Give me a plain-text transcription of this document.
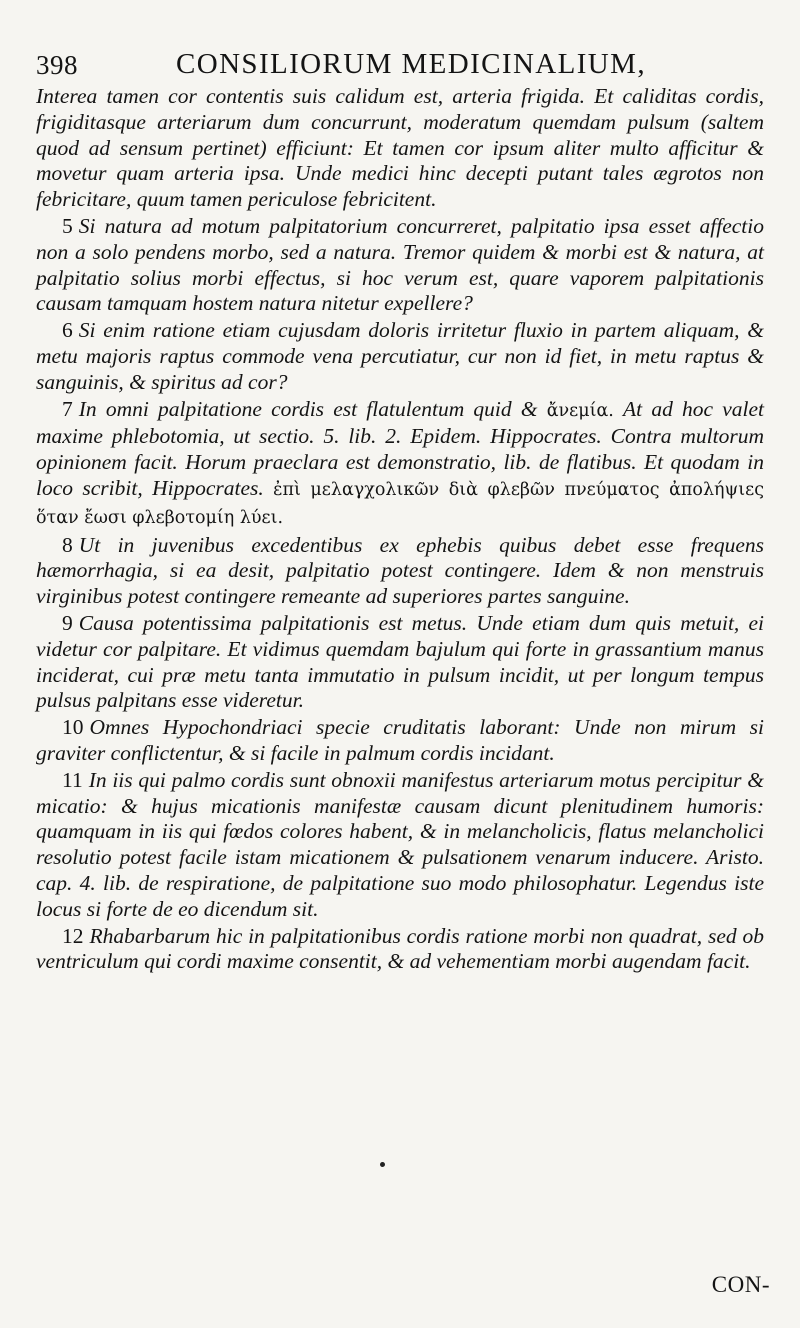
398	CONSILIORUM MEDICINALIUM,

Interea tamen cor contentis suis calidum est, arteria frigida. Et caliditas cordis, frigiditasque arteriarum dum concurrunt, moderatum quemdam pulsum (saltem quod ad sensum pertinet) efficiunt: Et tamen cor ipsum aliter multo afficitur & movetur quam arteria ipsa. Unde medici hinc decepti putant tales ægrotos non febricitare, quum tamen periculose febricitent.

5 Si natura ad motum palpitatorium concurreret, palpitatio ipsa esset affectio non a solo pendens morbo, sed a natura. Tremor quidem & morbi est & natura, at palpitatio solius morbi effectus, si hoc verum est, quare vaporem palpitationis causam tamquam hostem natura nitetur expellere?

6 Si enim ratione etiam cujusdam doloris irritetur fluxio in partem aliquam, & metu majoris raptus commode vena percutiatur, cur non id fiet, in metu raptus & sanguinis, & spiritus ad cor?

7 In omni palpitatione cordis est flatulentum quid & ἄνεμία. At ad hoc valet maxime phlebotomia, ut sectio. 5. lib. 2. Epidem. Hippocrates. Contra multorum opinionem facit. Horum praeclara est demonstratio, lib. de flatibus. Et quodam in loco scribit, Hippocrates. ἐπὶ μελαγχολικῶν διὰ φλεβῶν πνεύματος ἀπολήψιες ὅταν ἔωσι φλεβοτομίη λύει.

8 Ut in juvenibus excedentibus ex ephebis quibus debet esse frequens hæmorrhagia, si ea desit, palpitatio potest contingere. Idem & non menstruis virginibus potest contingere remeante ad superiores partes sanguine.

9 Causa potentissima palpitationis est metus. Unde etiam dum quis metuit, ei videtur cor palpitare. Et vidimus quemdam bajulum qui forte in grassantium manus inciderat, cui præ metu tanta immutatio in pulsum incidit, ut per longum tempus pulsus palpitans esse videretur.

10 Omnes Hypochondriaci specie cruditatis laborant: Unde non mirum si graviter conflictentur, & si facile in palmum cordis incidant.

11 In iis qui palmo cordis sunt obnoxii manifestus arteriarum motus percipitur & micatio: & hujus micationis manifestæ causam dicunt plenitudinem humoris: quamquam in iis qui fœdos colores habent, & in melancholicis, flatus melancholici resolutio potest facile istam micationem & pulsationem venarum inducere. Aristo. cap. 4. lib. de respiratione, de palpitatione suo modo philosophatur. Legendus iste locus si forte de eo dicendum sit.

12 Rhabarbarum hic in palpitationibus cordis ratione morbi non quadrat, sed ob ventriculum qui cordi maxime consentit, & ad vehementiam morbi augendam facit.

CON-
